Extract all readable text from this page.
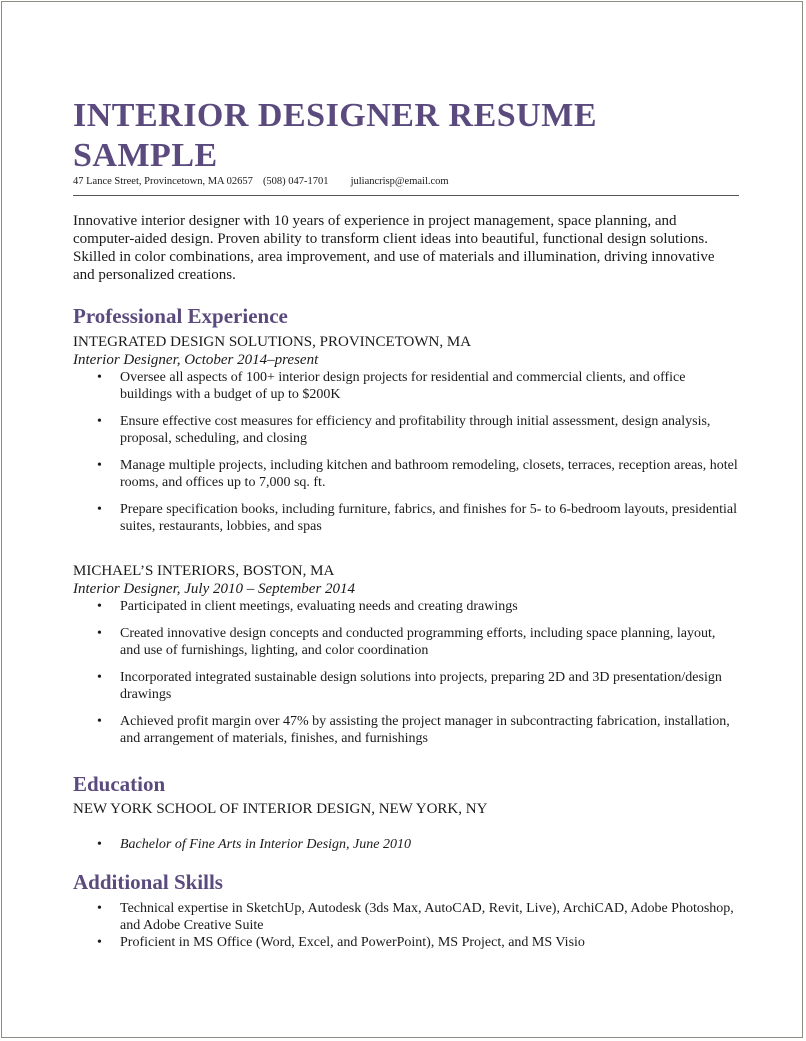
INTERIOR DESIGNER RESUME SAMPLE
47 Lance Street, Provincetown, MA 02657 (508) 047-1701 juliancrisp@email.com

Innovative interior designer with 10 years of experience in project management, space planning, and computer-aided design. Proven ability to transform client ideas into beautiful, functional design solutions. Skilled in color combinations, area improvement, and use of materials and illumination, driving innovative and personalized creations.

Professional Experience
INTEGRATED DESIGN SOLUTIONS, PROVINCETOWN, MA
Interior Designer, October 2014–present
• Oversee all aspects of 100+ interior design projects for residential and commercial clients, and office buildings with a budget of up to $200K
• Ensure effective cost measures for efficiency and profitability through initial assessment, design analysis, proposal, scheduling, and closing
• Manage multiple projects, including kitchen and bathroom remodeling, closets, terraces, reception areas, hotel rooms, and offices up to 7,000 sq. ft.
• Prepare specification books, including furniture, fabrics, and finishes for 5- to 6-bedroom layouts, presidential suites, restaurants, lobbies, and spas
MICHAEL’S INTERIORS, BOSTON, MA
Interior Designer, July 2010 – September 2014
• Participated in client meetings, evaluating needs and creating drawings
• Created innovative design concepts and conducted programming efforts, including space planning, layout, and use of furnishings, lighting, and color coordination
• Incorporated integrated sustainable design solutions into projects, preparing 2D and 3D presentation/design drawings
• Achieved profit margin over 47% by assisting the project manager in subcontracting fabrication, installation, and arrangement of materials, finishes, and furnishings
Education
NEW YORK SCHOOL OF INTERIOR DESIGN, NEW YORK, NY
• Bachelor of Fine Arts in Interior Design, June 2010
Additional Skills
• Technical expertise in SketchUp, Autodesk (3ds Max, AutoCAD, Revit, Live), ArchiCAD, Adobe Photoshop, and Adobe Creative Suite
• Proficient in MS Office (Word, Excel, and PowerPoint), MS Project, and MS Visio
